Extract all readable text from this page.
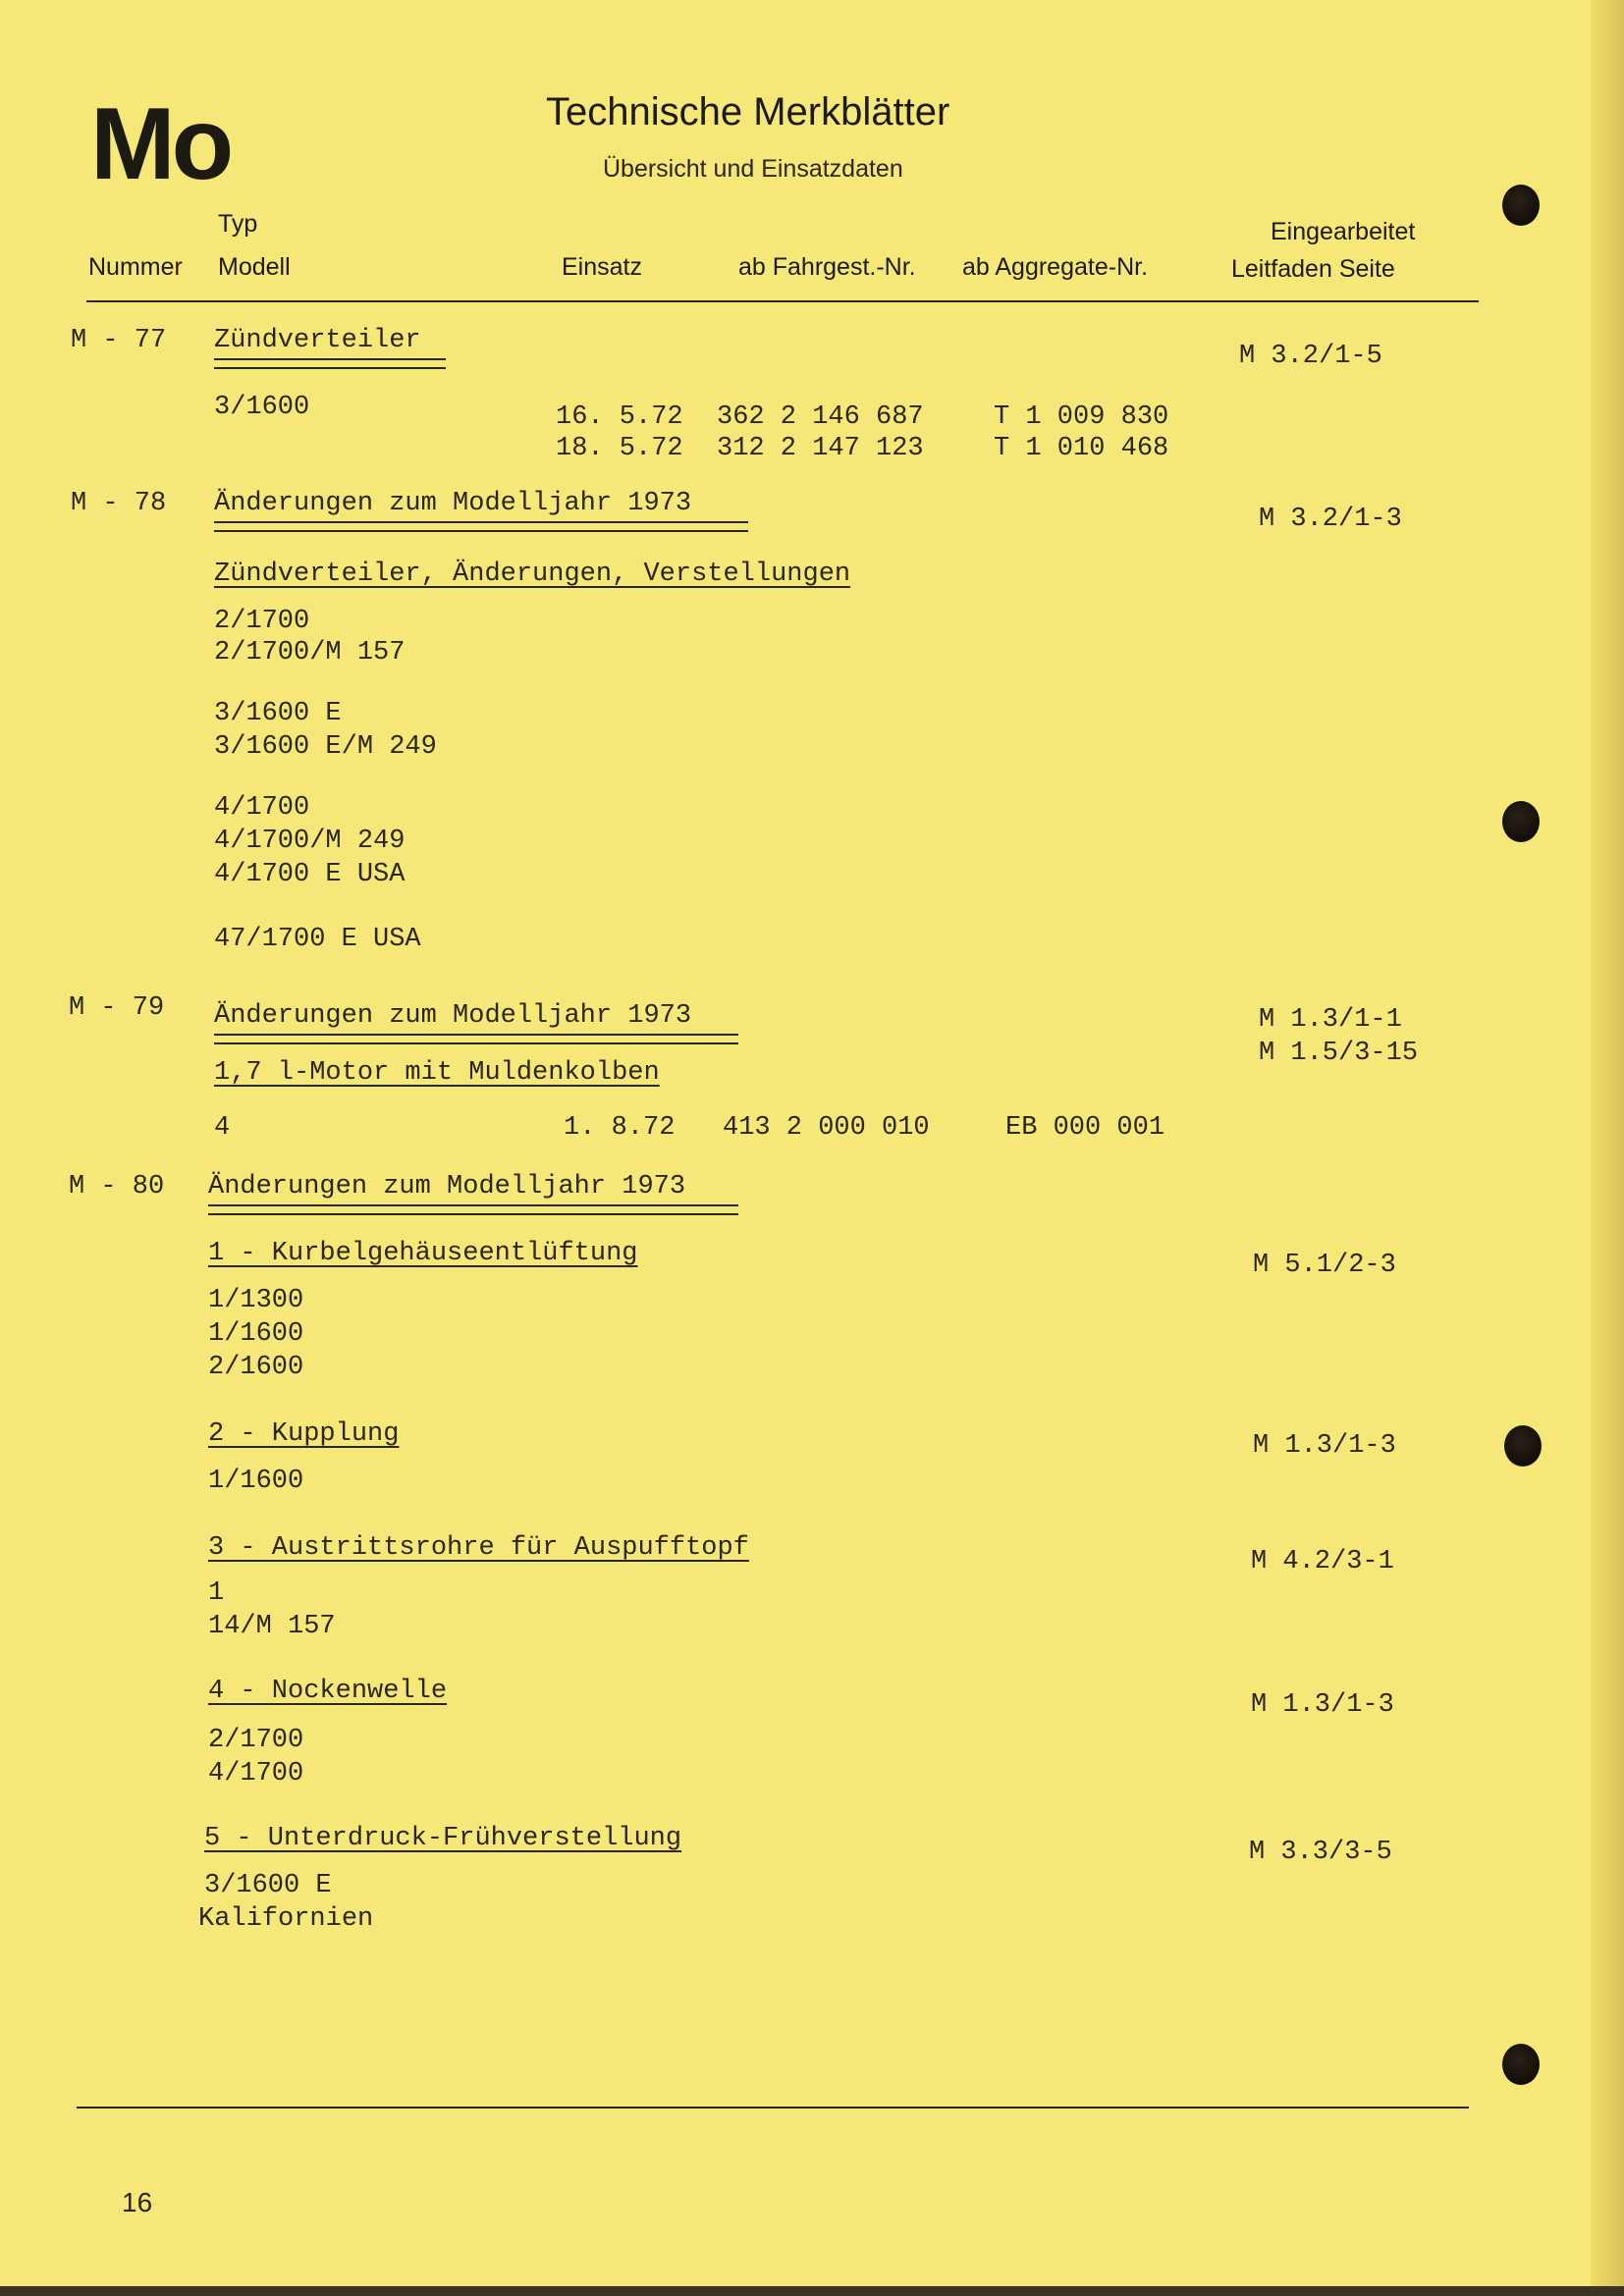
Mo	Technische Merkblätter
Übersicht und Einsatzdaten
Typ
Nummer Modell	Einsatz	ab Fahrgest.-Nr. ab Aggregate-Nr.
Eingearbeitet
Leitfaden Seite
M - 77 Zündverteiler
M 3.2/1-5
3/1600	16. 5.72 362 2 146 687	T 1 009 830
18. 5.72 312 2 147 123	T 1 010 468
M - 78 Änderungen zum Modelljahr 1973
M 3.2/1-3
Zündverteiler, Änderungen, Verstellungen
2/1700
2/1700/M 157
3/1600 E
3/1600 E/M 249
4/1700
4/1700/M 249
4/1700 E USA
47/1700 E USA
M - 79 Änderungen zum Modelljahr 1973	M 1.3/1-1
M 1.5/3-15
1,7 l-Motor mit Muldenkolben
4	1. 8.72 413 2 000 010	EB 000 001
M - 80 Änderungen zum Modelljahr 1973
1 - Kurbelgehäuseentlüftung	M 5.1/2-3
1/1300
1/1600
2/1600
2 - Kupplung	M 1.3/1-3
1/1600
3 - Austrittsrohre für Auspufftopf	M 4.2/3-1
1
14/M 157
4 - Nockenwelle	M 1.3/1-3
2/1700
4/1700
5 - Unterdruck-Frühverstellung	M 3.3/3-5
3/1600 E
Kalifornien
16
